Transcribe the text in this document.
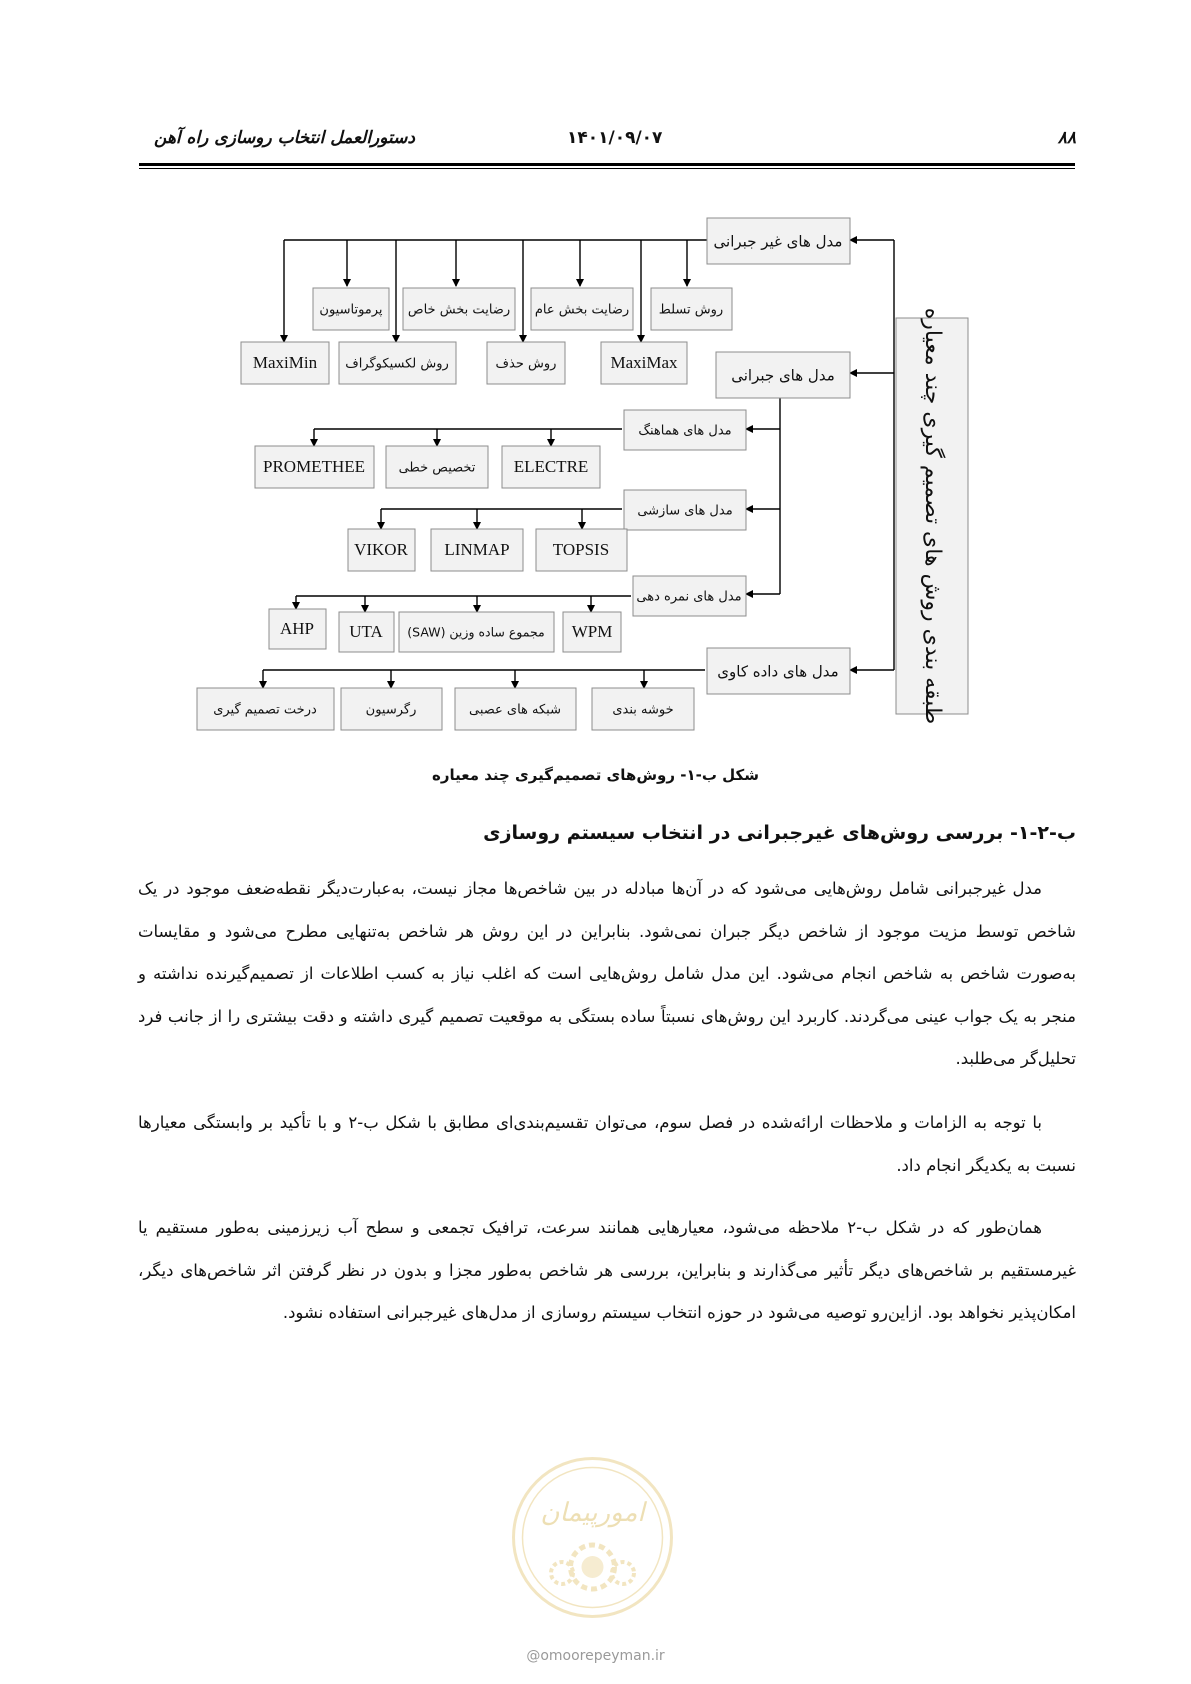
۸۸
۱۴۰۱/۰۹/۰۷
دستورالعمل انتخاب روسازی راه آهن
طبقه بندی روش های تصمیم گیری چند معیاره
مدل های غیر جبرانی
مدل های جبرانی
مدل های داده کاوی
روش تسلط
رضایت بخش عام
رضایت بخش خاص
پرموتاسیون
MaxiMax
روش حذف
روش لکسیکوگراف
MaxiMin
مدل های هماهنگ
مدل های سازشی
مدل های نمره دهی
ELECTRE
تخصیص خطی
PROMETHEE
TOPSIS
LINMAP
VIKOR
WPM
مجموع ساده وزین (SAW)
UTA
AHP
خوشه بندی
شبکه های عصبی
رگرسیون
درخت تصمیم گیری
شکل ب-۱- روش‌های تصمیم‌گیری چند معیاره
ب-۲-۱- بررسی روش‌های غیرجبرانی در انتخاب سیستم روسازی

مدل غیرجبرانی شامل روش‌هایی می‌شود که در آن‌ها مبادله در بین شاخص‌ها مجاز نیست، به‌عبارت‌دیگر نقطه‌ضعف موجود در یک شاخص توسط مزیت موجود از شاخص دیگر جبران نمی‌شود. بنابراین در این روش هر شاخص به‌تنهایی مطرح می‌شود و مقایسات به‌صورت شاخص به شاخص انجام می‌شود. این مدل شامل روش‌هایی است که اغلب نیاز به کسب اطلاعات از تصمیم‌گیرنده نداشته و منجر به یک جواب عینی می‌گردند. کاربرد این روش‌های نسبتاً ساده بستگی به موقعیت تصمیم گیری داشته و دقت بیشتری را از جانب فرد تحلیل‌گر می‌طلبد.

با توجه به الزامات و ملاحظات ارائه‌شده در فصل سوم، می‌توان تقسیم‌بندی‌ای مطابق با شکل ب-۲ و با تأکید بر وابستگی معیارها نسبت به یکدیگر انجام داد.

همان‌طور که در شکل ب-۲ ملاحظه می‌شود، معیارهایی همانند سرعت، ترافیک تجمعی و سطح آب زیرزمینی به‌طور مستقیم یا غیرمستقیم بر شاخص‌های دیگر تأثیر می‌گذارند و بنابراین، بررسی هر شاخص به‌طور مجزا و بدون در نظر گرفتن اثر شاخص‌های دیگر، امکان‌پذیر نخواهد بود. ازاین‌رو توصیه می‌شود در حوزه انتخاب سیستم روسازی از مدل‌های غیرجبرانی استفاده نشود.

امورپیمان
@omoorepeyman.ir
